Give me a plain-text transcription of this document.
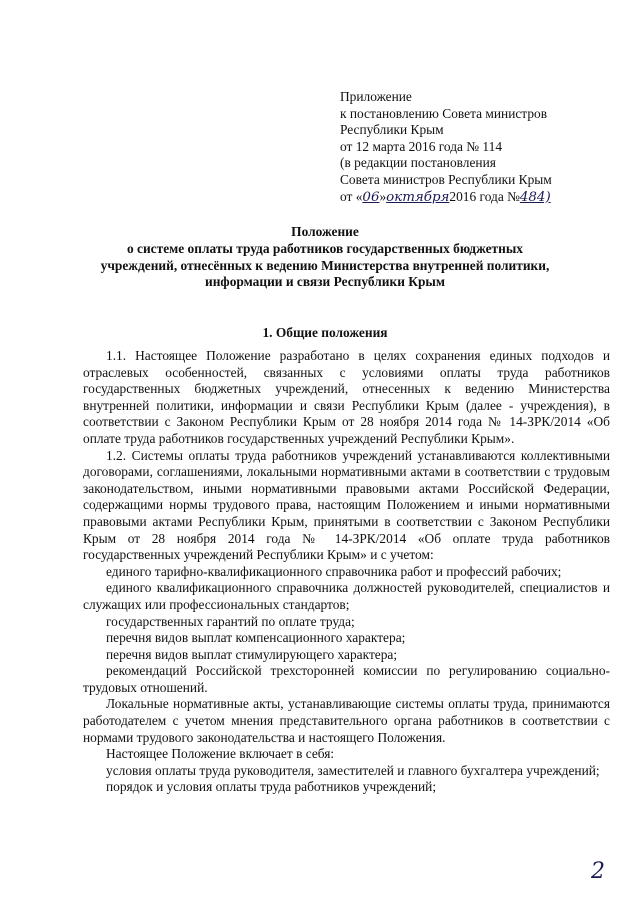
Приложение
к постановлению Совета министров
Республики Крым
от 12 марта 2016 года № 114
(в редакции постановления
Совета министров Республики Крым
от «06»октября2016 года №484)
Положение
о системе оплаты труда работников государственных бюджетных
учреждений, отнесённых к ведению Министерства внутренней политики,
информации и связи Республики Крым
1. Общие положения

1.1. Настоящее Положение разработано в целях сохранения единых подходов и отраслевых особенностей, связанных с условиями оплаты труда работников государственных бюджетных учреждений, отнесенных к ведению Министерства внутренней политики, информации и связи Республики Крым (далее - учреждения), в соответствии с Законом Республики Крым от 28 ноября 2014 года № 14-ЗРК/2014 «Об оплате труда работников государственных учреждений Республики Крым».

1.2. Системы оплаты труда работников учреждений устанавливаются коллективными договорами, соглашениями, локальными нормативными актами в соответствии с трудовым законодательством, иными нормативными правовыми актами Российской Федерации, содержащими нормы трудового права, настоящим Положением и иными нормативными правовыми актами Республики Крым, принятыми в соответствии с Законом Республики Крым от 28 ноября 2014 года № 14-ЗРК/2014 «Об оплате труда работников государственных учреждений Республики Крым» и с учетом:

единого тарифно-квалификационного справочника работ и профессий рабочих;

единого квалификационного справочника должностей руководителей, специалистов и служащих или профессиональных стандартов;

государственных гарантий по оплате труда;

перечня видов выплат компенсационного характера;

перечня видов выплат стимулирующего характера;

рекомендаций Российской трехсторонней комиссии по регулированию социально-трудовых отношений.

Локальные нормативные акты, устанавливающие системы оплаты труда, принимаются работодателем с учетом мнения представительного органа работников в соответствии с нормами трудового законодательства и настоящего Положения.

Настоящее Положение включает в себя:

условия оплаты труда руководителя, заместителей и главного бухгалтера учреждений;

порядок и условия оплаты труда работников учреждений;

2
